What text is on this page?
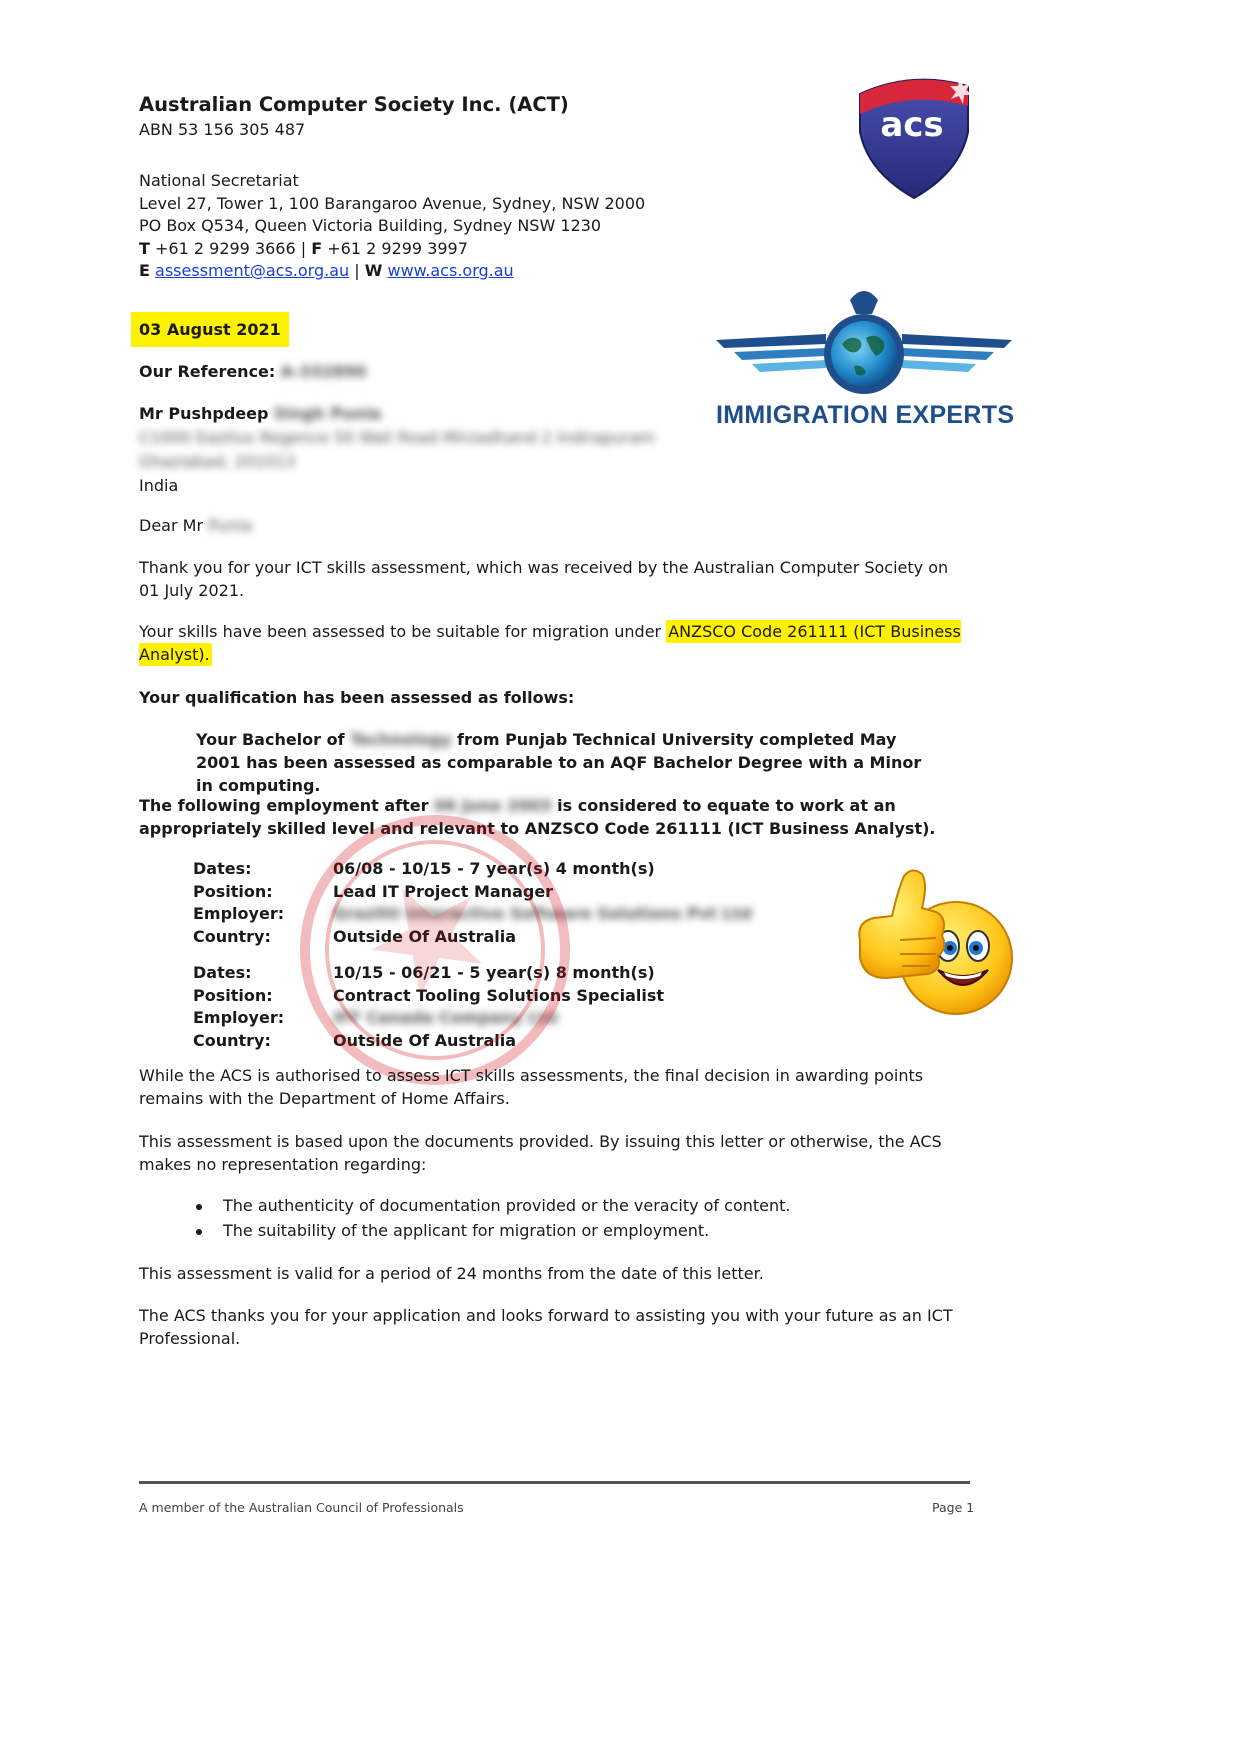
Australian Computer Society Inc. (ACT)
ABN 53 156 305 487
National Secretariat
Level 27, Tower 1, 100 Barangaroo Avenue, Sydney, NSW 2000
PO Box Q534, Queen Victoria Building, Sydney NSW 1230
T +61 2 9299 3666 | F +61 2 9299 3997
E assessment@acs.org.au | W www.acs.org.au
acs
03 August 2021
IMMIGRATION EXPERTS
Our Reference: A-332890
Mr Pushpdeep Singh Punia
C1000 Eastlux Regence 50 Wall Road Mirzadhand 2 Indirapuram
Ghaziabad, 201013
India
Dear Mr Punia
Thank you for your ICT skills assessment, which was received by the Australian Computer Society on 01 July 2021.
Your skills have been assessed to be suitable for migration under ANZSCO Code 261111 (ICT Business Analyst).
Your qualification has been assessed as follows:
Your Bachelor of Technology from Punjab Technical University completed May 2001 has been assessed as comparable to an AQF Bachelor Degree with a Minor in computing.
The following employment after 06 June 2003 is considered to equate to work at an appropriately skilled level and relevant to ANZSCO Code 261111 (ICT Business Analyst).
Dates:	06/08 - 10/15 - 7 year(s) 4 month(s)
Position:	Lead IT Project Manager
Employer:	Grazitti Interactive Software Solutions Pvt Ltd
Country:	Outside Of Australia
Dates:	10/15 - 06/21 - 5 year(s) 8 month(s)
Position:	Contract Tooling Solutions Specialist
Employer:	IFF Canada Company Ltd
Country:	Outside Of Australia
While the ACS is authorised to assess ICT skills assessments, the final decision in awarding points remains with the Department of Home Affairs.
This assessment is based upon the documents provided. By issuing this letter or otherwise, the ACS makes no representation regarding:
The authenticity of documentation provided or the veracity of content.
The suitability of the applicant for migration or employment.
This assessment is valid for a period of 24 months from the date of this letter.
The ACS thanks you for your application and looks forward to assisting you with your future as an ICT Professional.
A member of the Australian Council of Professionals	Page 1
